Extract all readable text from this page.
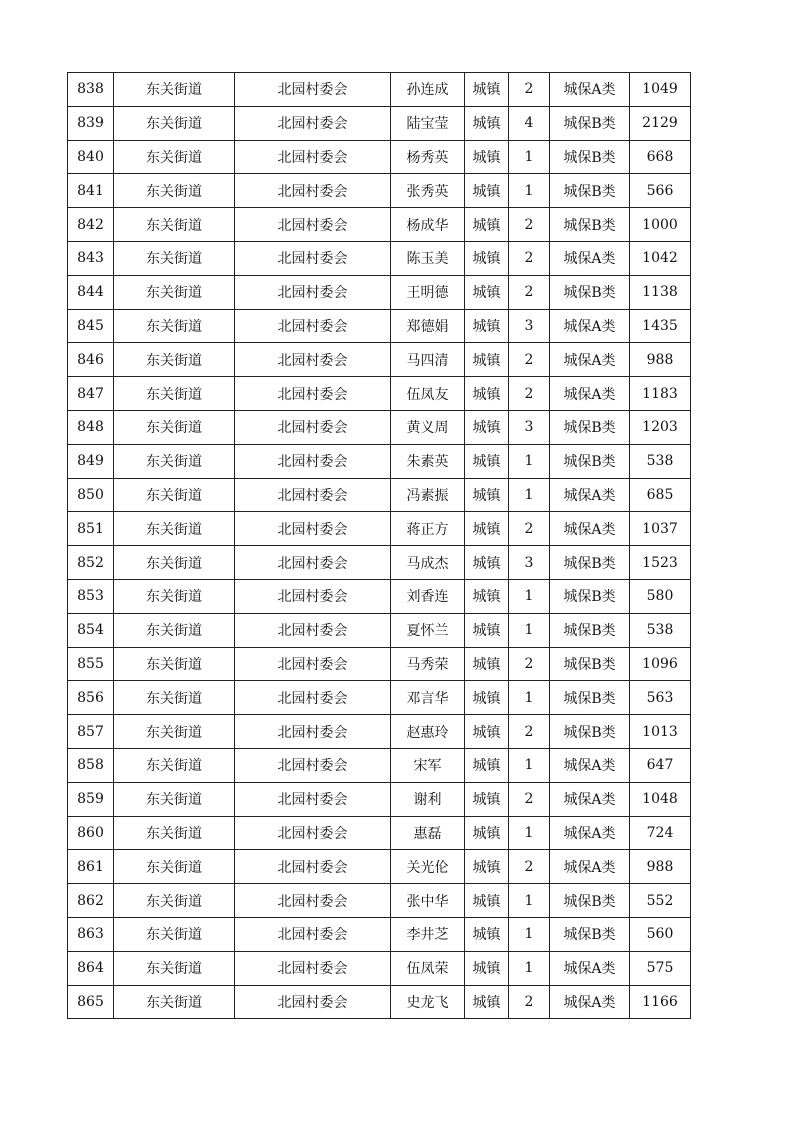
838	东关街道	北园村委会	孙连成	城镇	2	城保A类	1049
839	东关街道	北园村委会	陆宝莹	城镇	4	城保B类	2129
840	东关街道	北园村委会	杨秀英	城镇	1	城保B类	668
841	东关街道	北园村委会	张秀英	城镇	1	城保B类	566
842	东关街道	北园村委会	杨成华	城镇	2	城保B类	1000
843	东关街道	北园村委会	陈玉美	城镇	2	城保A类	1042
844	东关街道	北园村委会	王明德	城镇	2	城保B类	1138
845	东关街道	北园村委会	郑德娟	城镇	3	城保A类	1435
846	东关街道	北园村委会	马四清	城镇	2	城保A类	988
847	东关街道	北园村委会	伍凤友	城镇	2	城保A类	1183
848	东关街道	北园村委会	黄义周	城镇	3	城保B类	1203
849	东关街道	北园村委会	朱素英	城镇	1	城保B类	538
850	东关街道	北园村委会	冯素振	城镇	1	城保A类	685
851	东关街道	北园村委会	蒋正方	城镇	2	城保A类	1037
852	东关街道	北园村委会	马成杰	城镇	3	城保B类	1523
853	东关街道	北园村委会	刘香连	城镇	1	城保B类	580
854	东关街道	北园村委会	夏怀兰	城镇	1	城保B类	538
855	东关街道	北园村委会	马秀荣	城镇	2	城保B类	1096
856	东关街道	北园村委会	邓言华	城镇	1	城保B类	563
857	东关街道	北园村委会	赵惠玲	城镇	2	城保B类	1013
858	东关街道	北园村委会	宋军	城镇	1	城保A类	647
859	东关街道	北园村委会	谢利	城镇	2	城保A类	1048
860	东关街道	北园村委会	惠磊	城镇	1	城保A类	724
861	东关街道	北园村委会	关光伦	城镇	2	城保A类	988
862	东关街道	北园村委会	张中华	城镇	1	城保B类	552
863	东关街道	北园村委会	李井芝	城镇	1	城保B类	560
864	东关街道	北园村委会	伍凤荣	城镇	1	城保A类	575
865	东关街道	北园村委会	史龙飞	城镇	2	城保A类	1166
